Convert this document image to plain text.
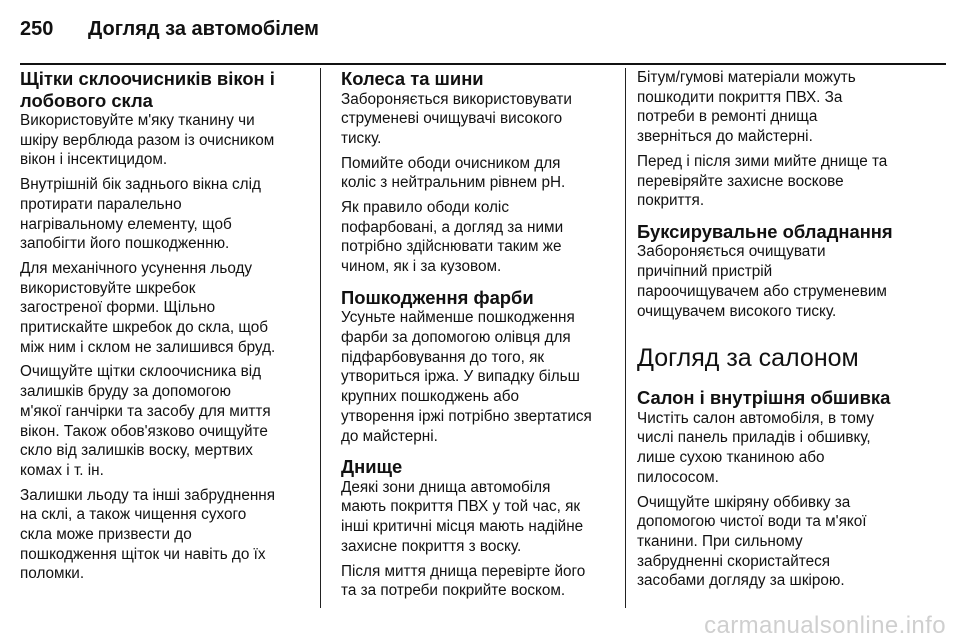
250	Догляд за автомобілем
Щітки склоочисників вікон і
лобового скла

Використовуйте м'яку тканину чи
шкіру верблюда разом із очисником
вікон і інсектицидом.

Внутрішній бік заднього вікна слід
протирати паралельно
нагрівальному елементу, щоб
запобігти його пошкодженню.

Для механічного усунення льоду
використовуйте шкребок
загостреної форми. Щільно
притискайте шкребок до скла, щоб
між ним і склом не залишився бруд.

Очищуйте щітки склоочисника від
залишків бруду за допомогою
м'якої ганчірки та засобу для миття
вікон. Також обов'язково очищуйте
скло від залишків воску, мертвих
комах і т. ін.

Залишки льоду та інші забруднення
на склі, а також чищення сухого
скла може призвести до
пошкодження щіток чи навіть до їх
поломки.

Колеса та шини

Забороняється використовувати
струменеві очищувачі високого
тиску.

Помийте ободи очисником для
коліс з нейтральним рівнем pH.

Як правило ободи коліс
пофарбовані, а догляд за ними
потрібно здійснювати таким же
чином, як і за кузовом.

Пошкодження фарби

Усуньте найменше пошкодження
фарби за допомогою олівця для
підфарбовування до того, як
утвориться іржа. У випадку більш
крупних пошкоджень або
утворення іржі потрібно звертатися
до майстерні.

Днище

Деякі зони днища автомобіля
мають покриття ПВХ у той час, як
інші критичні місця мають надійне
захисне покриття з воску.

Після миття днища перевірте його
та за потреби покрийте воском.

Бітум/гумові матеріали можуть
пошкодити покриття ПВХ. За
потреби в ремонті днища
зверніться до майстерні.

Перед і після зими мийте днище та
перевіряйте захисне воскове
покриття.

Буксирувальне обладнання

Забороняється очищувати
причіпний пристрій
пароочищувачем або струменевим
очищувачем високого тиску.

Догляд за салоном
Салон і внутрішня обшивка

Чистіть салон автомобіля, в тому
числі панель приладів і обшивку,
лише сухою тканиною або
пилососом.

Очищуйте шкіряну оббивку за
допомогою чистої води та м'якої
тканини. При сильному
забрудненні скористайтеся
засобами догляду за шкірою.

carmanualsonline.info
